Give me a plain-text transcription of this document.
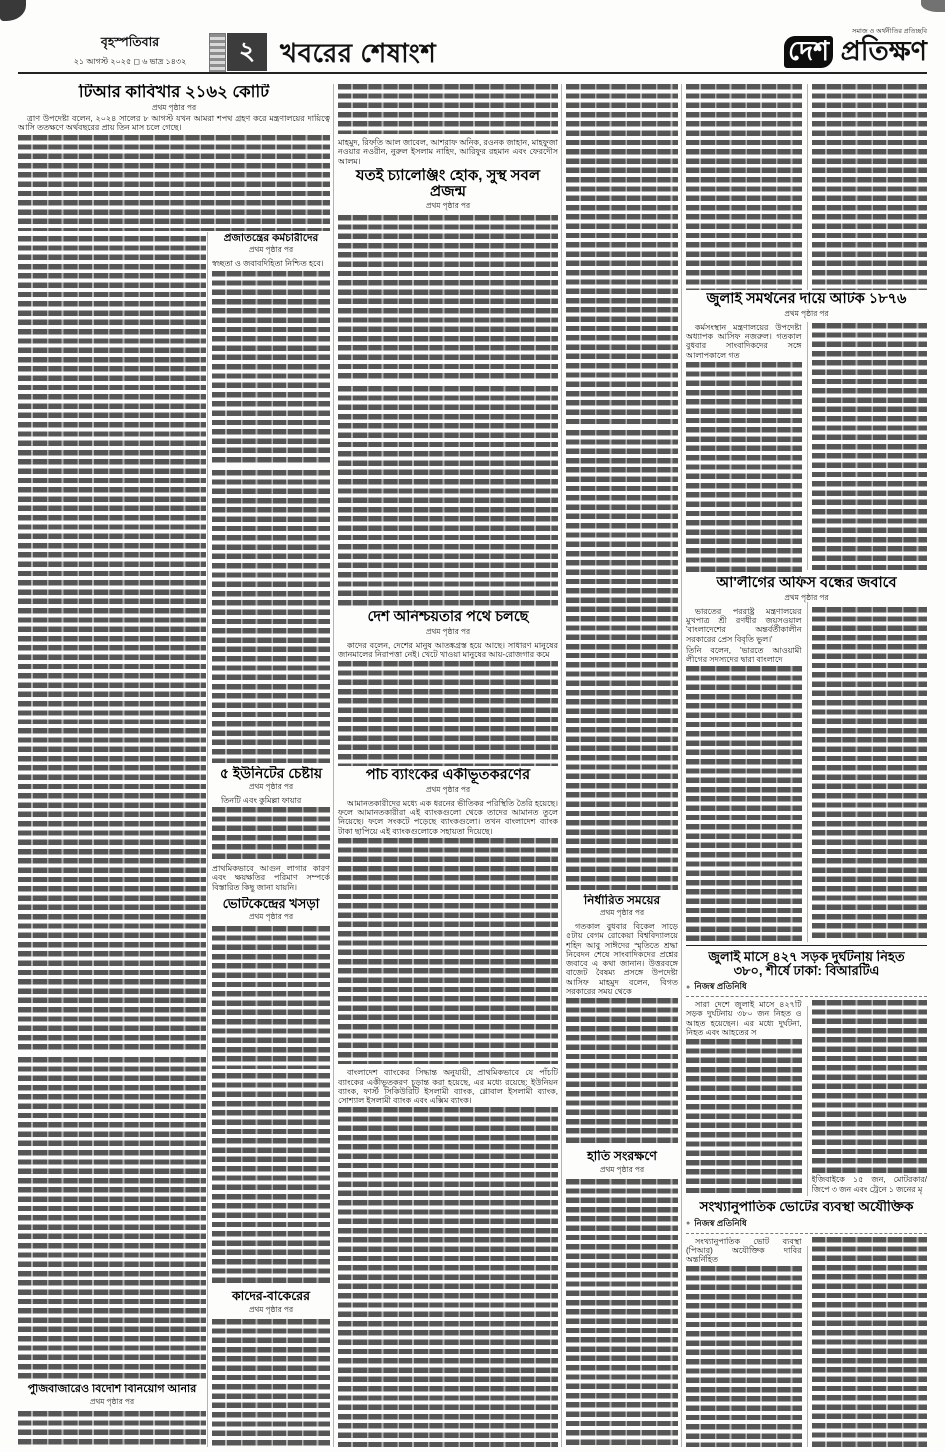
বৃহস্পতিবার
২১ আগস্ট ২০২৫ ◻ ৬ ভাদ্র ১৪৩২	২ খবরের শেষাংশ
সমাজ ও অর্থনীতির প্রতিচ্ছবি
দেশ প্রতিক্ষণ
টিআর কাবিখার ২১৬২ কোটি
প্রথম পৃষ্ঠার পর

ত্রাণ উপদেষ্টা বলেন, ২০২৪ সালের ৮ আগস্ট যখন আমরা শপথ গ্রহণ করে মন্ত্রণালয়ের দায়িত্বে আসি ততক্ষণে অর্থবছরের প্রায় তিন মাস চলে গেছে।

পুঁজিবাজারেও বিদেশি বিনিয়োগ আনার
প্রথম পৃষ্ঠার পর
প্রজাতন্ত্রের কর্মচারীদের
প্রথম পৃষ্ঠার পর

স্বচ্ছতা ও জবাবদিহিতা নিশ্চিত হবে।

৫ ইউনিটের চেষ্টায়
প্রথম পৃষ্ঠার পর

তিনটি এবং কুমিল্লা ফায়ার

প্রাথমিকভাবে আগুন লাগার কারণ এবং ক্ষয়ক্ষতির পরিমাণ সম্পর্কে বিস্তারিত কিছু জানা যায়নি।

ভোটকেন্দ্রের খসড়া
প্রথম পৃষ্ঠার পর
কাদের-বাকেরের
প্রথম পৃষ্ঠার পর

মাহমুদ, রিফতি আল জাবেল, আশরাফ অনিক, রওনক জাহান, মাহফুজা নওয়ার নওরীন, নুরুল ইসলাম নাহিদ, আরিফুর রহমান এবং ফেরদৌস আলম।

যতই চ্যালেঞ্জিং হোক, সুস্থ সবল প্রজন্ম
প্রথম পৃষ্ঠার পর
দেশ অনিশ্চয়তার পথে চলছে
প্রথম পৃষ্ঠার পর

কাদের বলেন, দেশের মানুষ আতঙ্কগ্রস্ত হয়ে আছে। সাধারণ মানুষের জানমালের নিরাপত্তা নেই। খেটে খাওয়া মানুষের আয়-রোজগার কমে

পাঁচ ব্যাংকের একীভূতকরণের
প্রথম পৃষ্ঠার পর

আমানতকারীদের মধ্যে এক ধরনের ভীতিকর পরিস্থিতি তৈরি হয়েছে। ফলে আমানতকারীরা এই ব্যাংকগুলো থেকে তাদের আমানত তুলে নিয়েছে। ফলে সংকটে পড়েছে ব্যাংকগুলো। তখন বাংলাদেশ ব্যাংক টাকা ছাপিয়ে এই ব্যাংকগুলোকে সহায়তা দিয়েছে।

বাংলাদেশ ব্যাংকের সিদ্ধান্ত অনুযায়ী, প্রাথমিকভাবে যে পাঁচটি ব্যাংকের একীভূতকরণ চূড়ান্ত করা হয়েছে, এর মধ্যে রয়েছে: ইউনিয়ন ব্যাংক, ফার্স্ট সিকিউরিটি ইসলামী ব্যাংক, গ্লোবাল ইসলামী ব্যাংক, সোশ্যাল ইসলামী ব্যাংক এবং এক্সিম ব্যাংক।

নির্ধারিত সময়ের
প্রথম পৃষ্ঠার পর

গতকাল বুধবার বিকেল সাড়ে ৫টায় বেগম রোকেয়া বিশ্ববিদ্যালয়ে শহিদ আবু সাঈদের স্মৃতিতে শ্রদ্ধা নিবেদন শেষে সাংবাদিকদের প্রশ্নের জবাবে এ কথা জানান। উত্তরবঙ্গে বাজেট বৈষম্য প্রসঙ্গে উপদেষ্টা আসিফ মাহমুদ বলেন, বিগত সরকারের সময় থেকে

হাতি সংরক্ষণে
প্রথম পৃষ্ঠার পর
জুলাই সমর্থনের দায়ে আটক ১৮৭৬
প্রথম পৃষ্ঠার পর

কর্মসংস্থান মন্ত্রণালয়ের উপদেষ্টা অধ্যাপক আসিফ নজরুল। গতকাল বুধবার সাংবাদিকদের সঙ্গে আলাপকালে গত

আ'লীগের অফিস বন্ধের জবাবে
প্রথম পৃষ্ঠার পর

ভারতের পররাষ্ট্র মন্ত্রণালয়ের মুখপাত্র শ্রী রণধীর জয়সওয়াল 'বাংলাদেশের অন্তর্বর্তীকালীন সরকারের প্রেস বিবৃতি ভুল।'

তিনি বলেন, 'ভারতে আওয়ামী লীগের সদস্যদের দ্বারা বাংলাদে

জুলাই মাসে ৪২৭ সড়ক দুর্ঘটনায় নিহত
৩৮০, শীর্ষে ঢাকা: বিআরটিএ
● নিজস্ব প্রতিনিধি

সারা দেশে জুলাই মাসে ৪২৭টি সড়ক দুর্ঘটনায় ৩৮০ জন নিহত ও আহত হয়েছেন। এর মধ্যে দুর্ঘটনা, নিহত এবং আহতের স

ইজিবাইকে ১৫ জন, মোটরকার/জিপে ৩ জন এবং ট্রেনে ১ জনের মৃ

সংখ্যানুপাতিক ভোটের ব্যবস্থা অযৌক্তিক
● নিজস্ব প্রতিনিধি

সংখ্যানুপাতিক ভোট ব্যবস্থা (পিআর) অযৌক্তিক দাবির অন্তর্নিহিত
